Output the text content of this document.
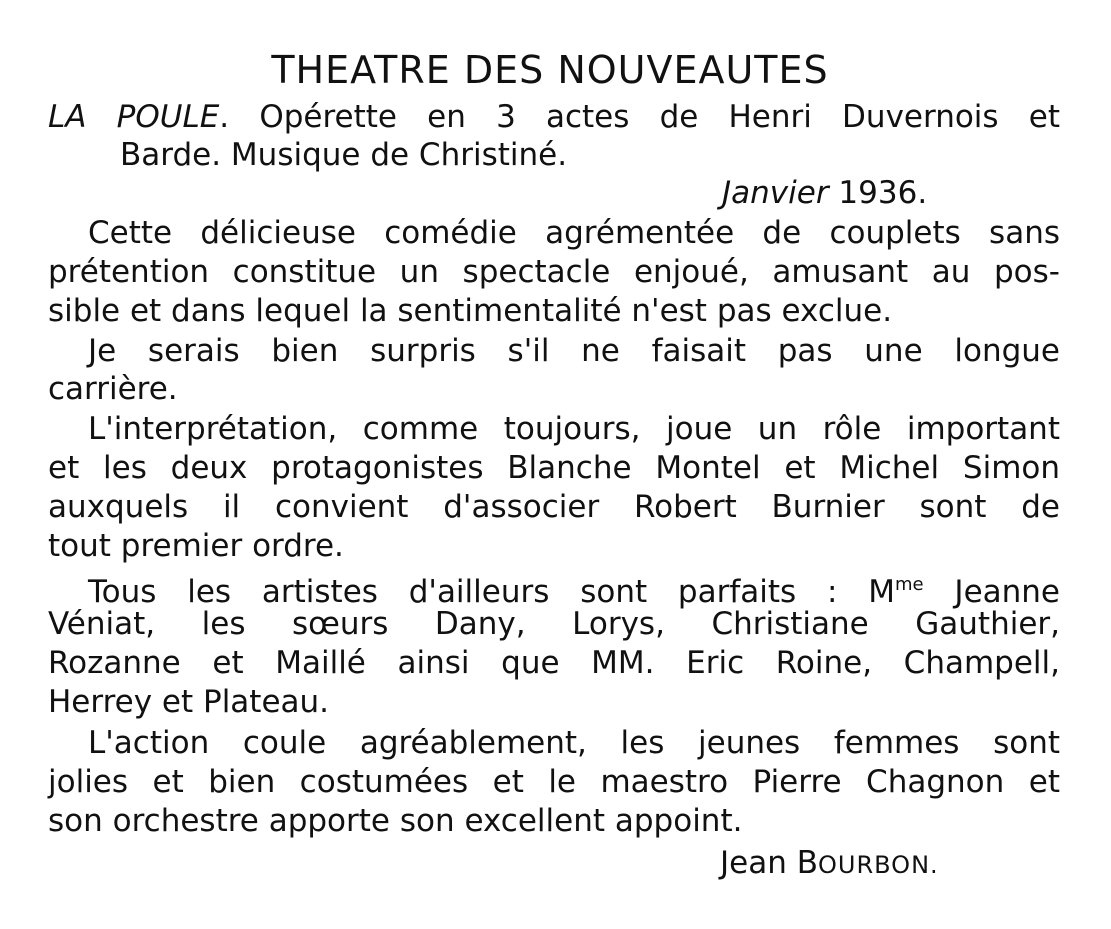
THEATRE DES NOUVEAUTES
LA POULE. Opérette en 3 actes de Henri Duvernois et
Barde. Musique de Christiné.
Janvier 1936.
Cette délicieuse comédie agrémentée de couplets sans
prétention constitue un spectacle enjoué, amusant au pos-
sible et dans lequel la sentimentalité n'est pas exclue.
Je serais bien surpris s'il ne faisait pas une longue
carrière.
L'interprétation, comme toujours, joue un rôle important
et les deux protagonistes Blanche Montel et Michel Simon
auxquels il convient d'associer Robert Burnier sont de
tout premier ordre.
Tous les artistes d'ailleurs sont parfaits : $M^{me}$ Jeanne
Véniat, les sœurs Dany, Lorys, Christiane Gauthier,
Rozanne et Maillé ainsi que MM. Eric Roine, Champell,
Herrey et Plateau.
L'action coule agréablement, les jeunes femmes sont
jolies et bien costumées et le maestro Pierre Chagnon et
son orchestre apporte son excellent appoint.
Jean BOURBON.
